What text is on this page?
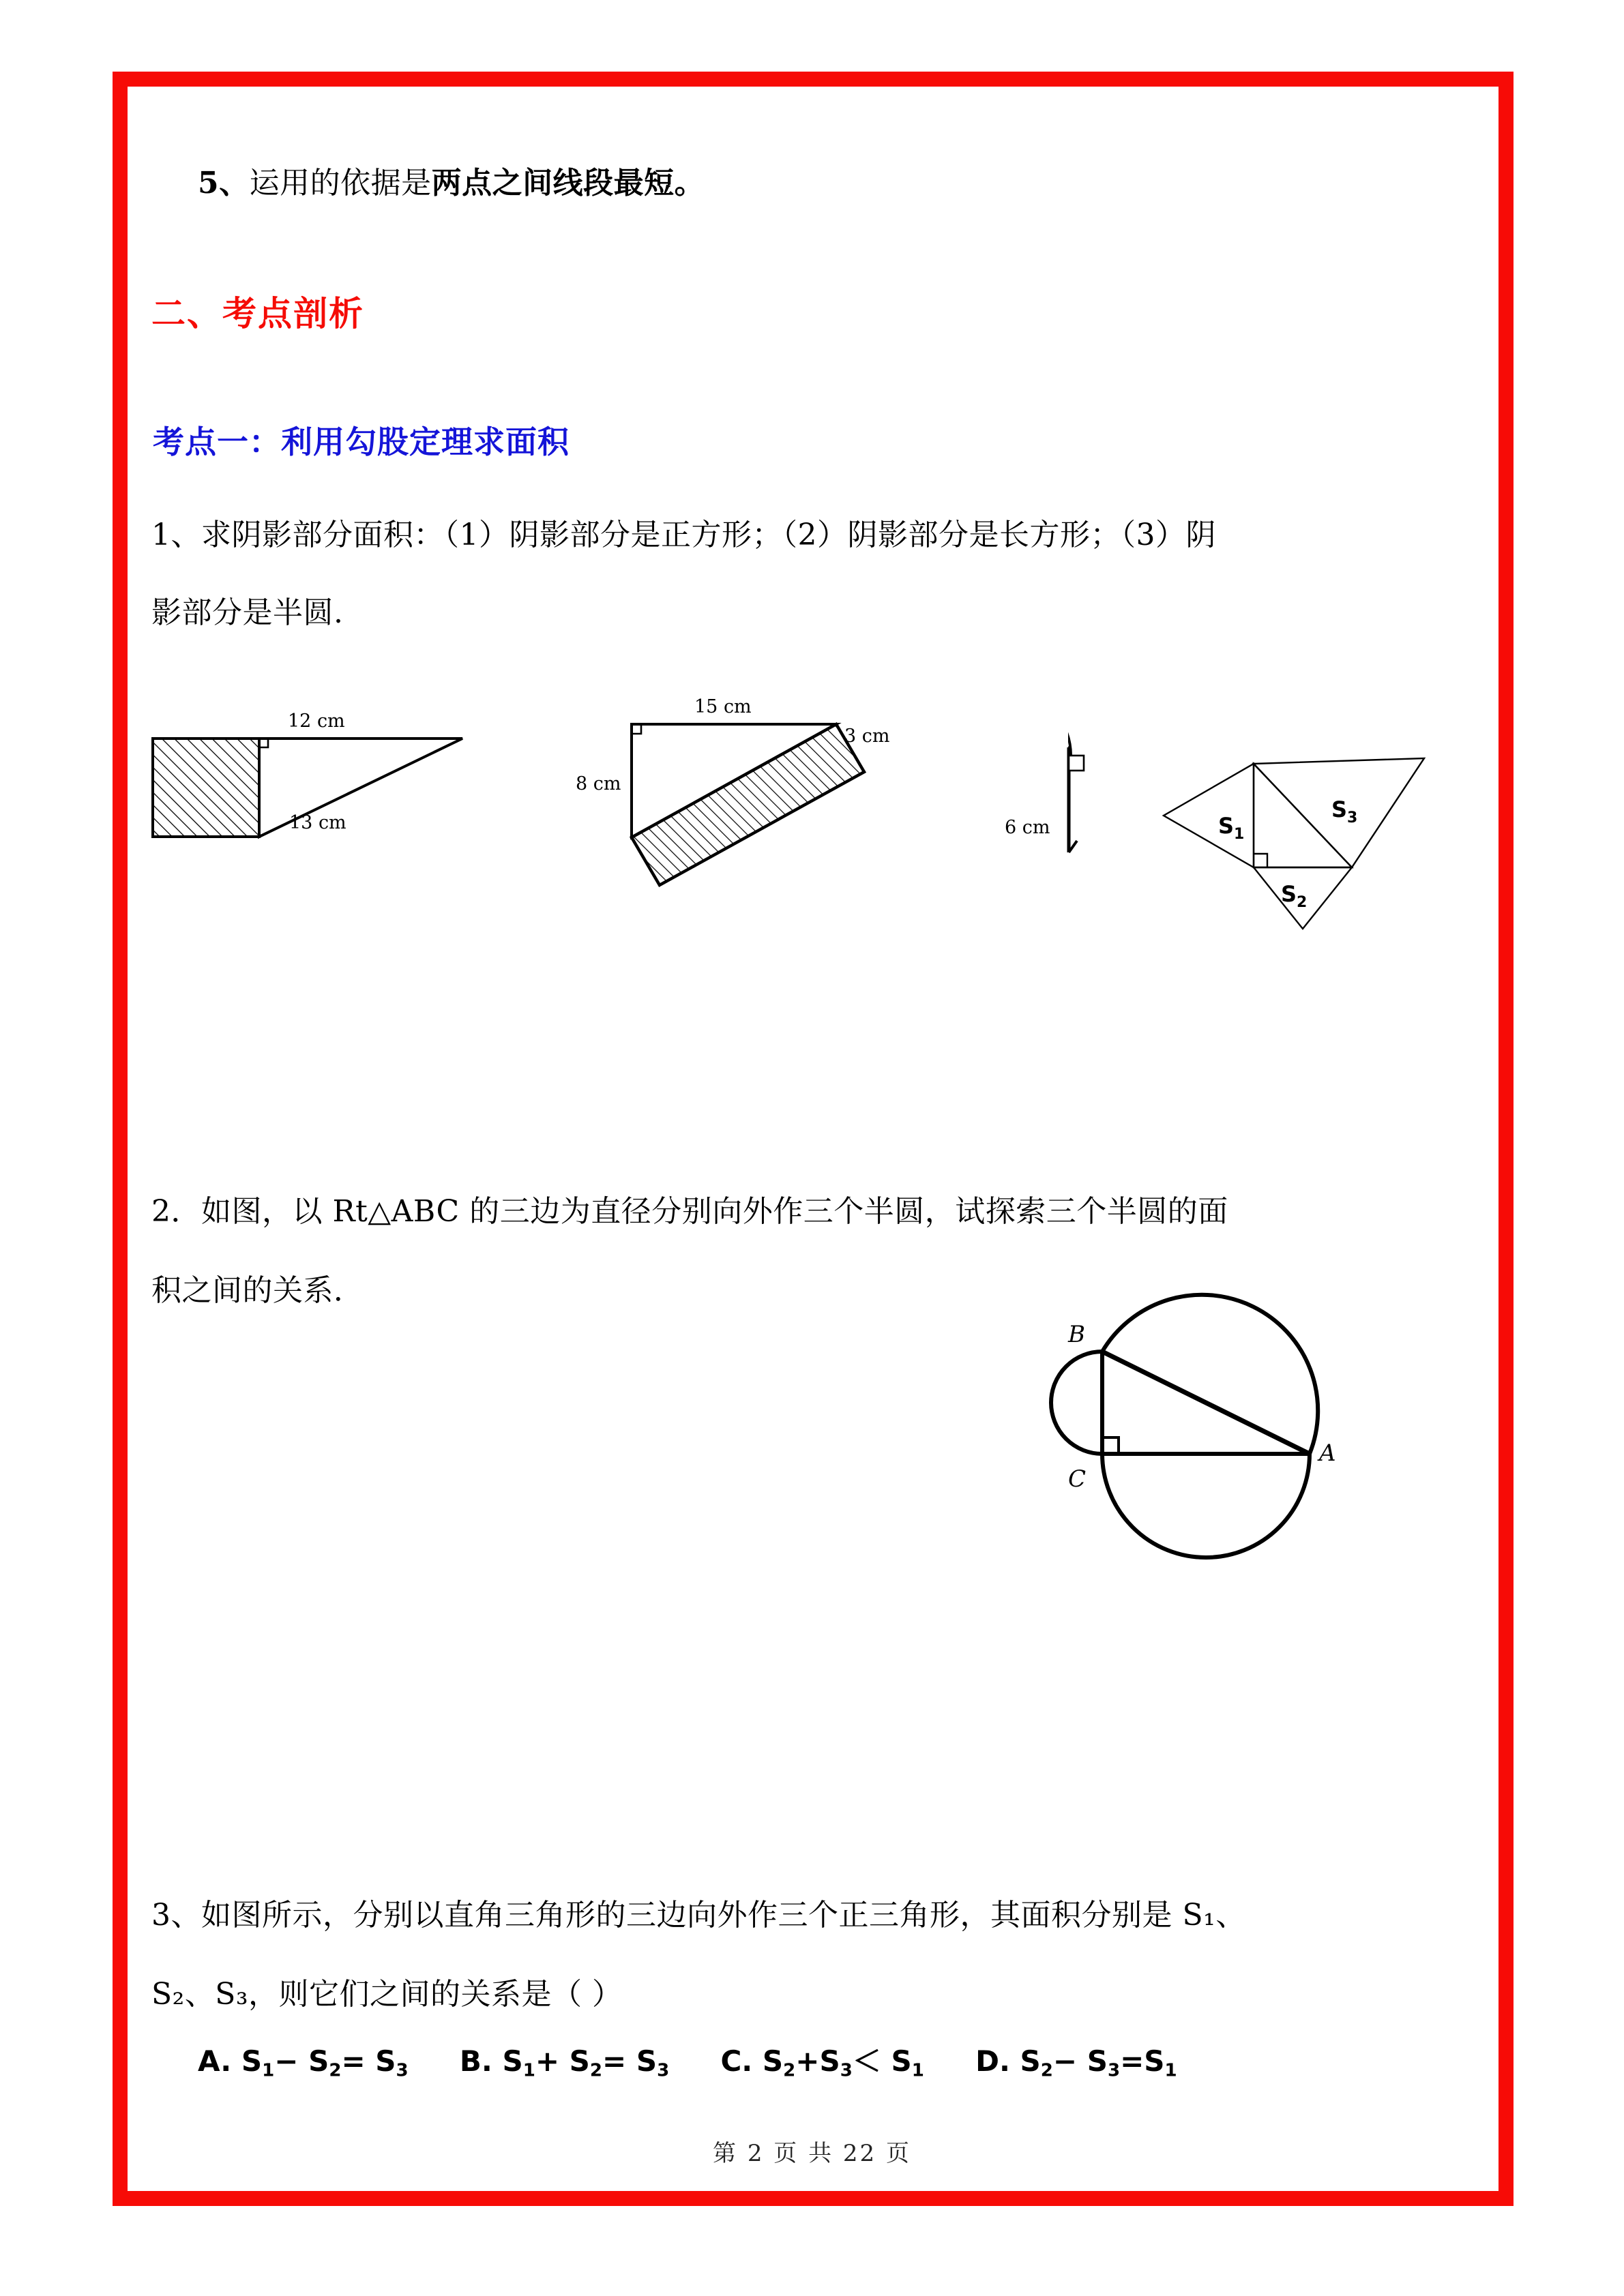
5、运用的依据是两点之间线段最短。
二、考点剖析
考点一：利用勾股定理求面积
1、求阴影部分面积：（1）阴影部分是正方形；（2）阴影部分是长方形；（3）阴
影部分是半圆.
12 cm
13 cm
15 cm
8 cm
3 cm
6 cm	$S_1$
$S_2$
$S_3$
2．如图，以 Rt△ABC 的三边为直径分别向外作三个半圆，试探索三个半圆的面
积之间的关系．
B
C
A
3、如图所示，分别以直角三角形的三边向外作三个正三角形，其面积分别是 S₁、
S₂、S₃，则它们之间的关系是（ ）
A. $S_1- S_2= S_3$ B. $S_1+ S_2= S_3$ C. $S_2+S_3< S_1$ D. $S_2- S_3=S_1$
第 2 页 共 22 页
